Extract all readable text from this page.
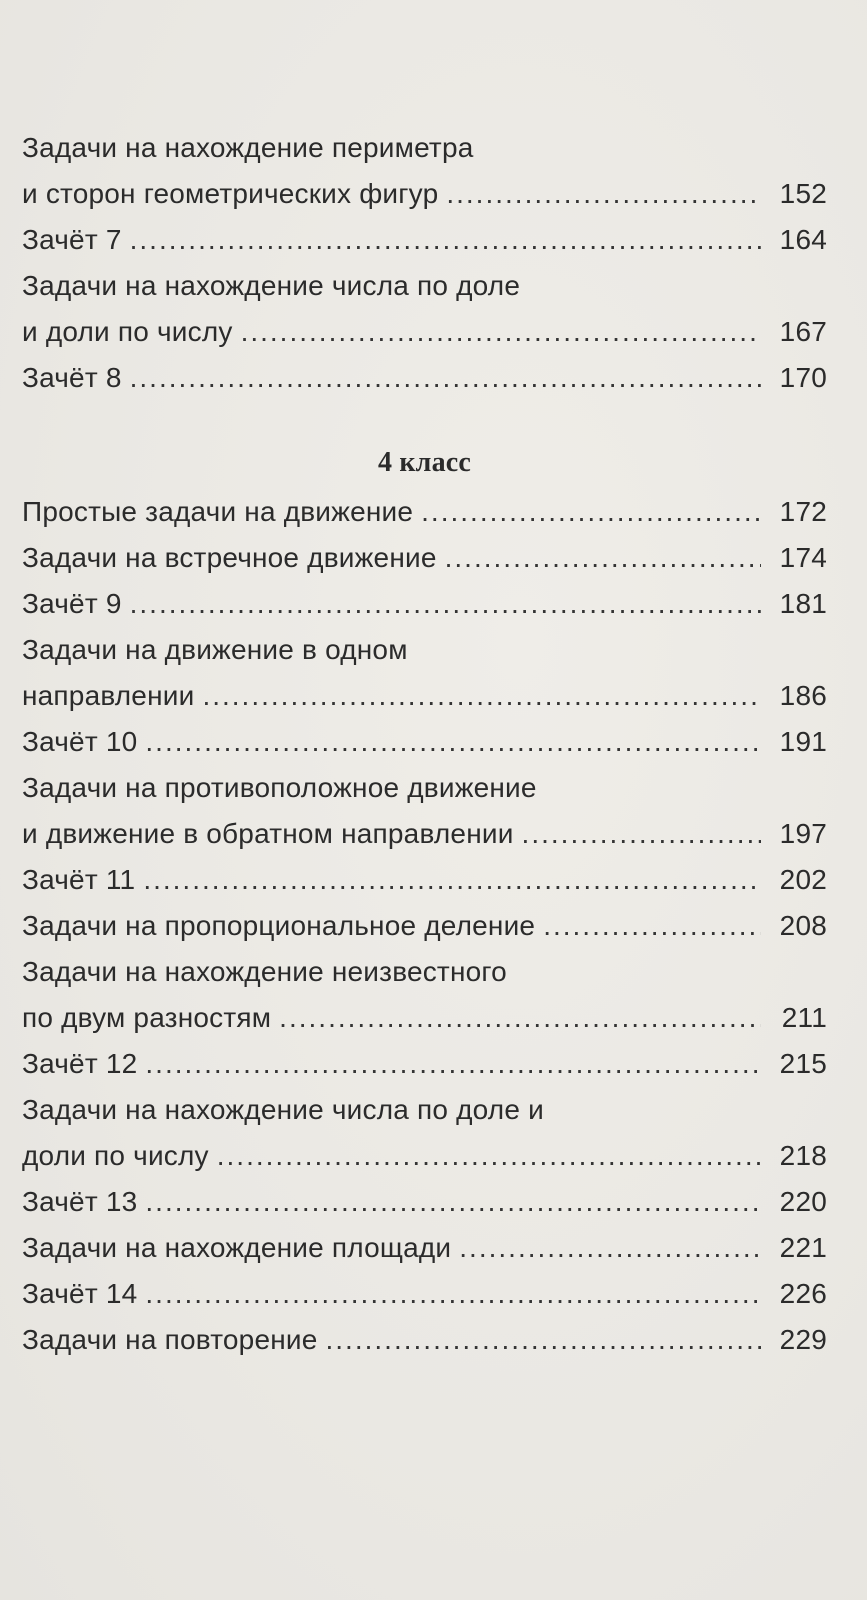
Задачи на нахождение периметра
и сторон геометрических фигур .....	152
Зачёт 7 .....	164
Задачи на нахождение числа по доле
и доли по числу .....	167
Зачёт 8 .....	170
4 класс
Простые задачи на движение .....	172
Задачи на встречное движение .....	174
Зачёт 9 .....	181
Задачи на движение в одном
направлении .....	186
Зачёт 10 .....	191
Задачи на противоположное движение
и движение в обратном направлении .....	197
Зачёт 11 .....	202
Задачи на пропорциональное деление .....	208
Задачи на нахождение неизвестного
по двум разностям .....	211
Зачёт 12 .....	215
Задачи на нахождение числа по доле и
доли по числу .....	218
Зачёт 13 .....	220
Задачи на нахождение площади .....	221
Зачёт 14 .....	226
Задачи на повторение .....	229
